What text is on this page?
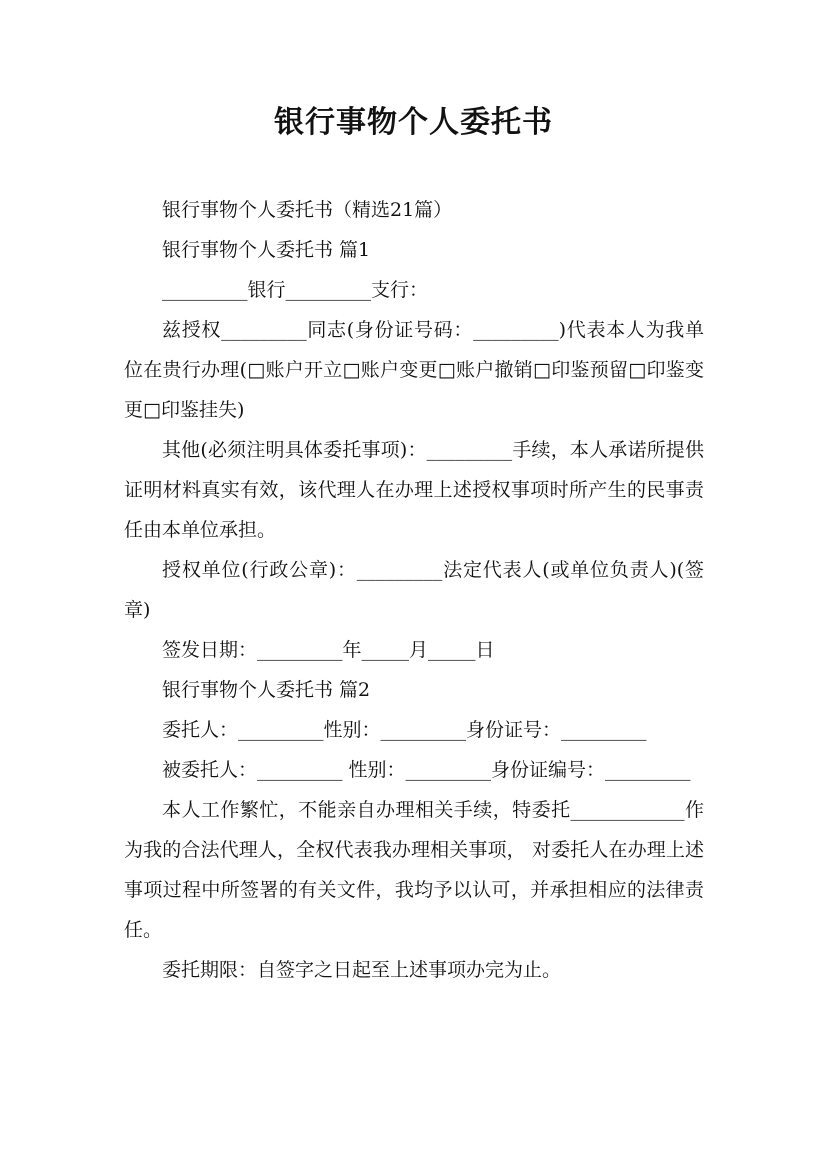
银行事物个人委托书

银行事物个人委托书（精选21篇）

银行事物个人委托书 篇1

_________银行_________支行：

兹授权_________同志(身份证号码：_________)代表本人为我单位在贵行办理(□账户开立□账户变更□账户撤销□印鉴预留□印鉴变更□印鉴挂失)

其他(必须注明具体委托事项)：_________手续，本人承诺所提供证明材料真实有效，该代理人在办理上述授权事项时所产生的民事责任由本单位承担。

授权单位(行政公章)：_________法定代表人(或单位负责人)(签章)

签发日期：_________年_____月_____日

银行事物个人委托书 篇2

委托人：_________性别：_________身份证号：_________

被委托人：_________ 性别：_________身份证编号：_________

本人工作繁忙，不能亲自办理相关手续，特委托____________作为我的合法代理人，全权代表我办理相关事项， 对委托人在办理上述事项过程中所签署的有关文件，我均予以认可，并承担相应的法律责任。

委托期限：自签字之日起至上述事项办完为止。
